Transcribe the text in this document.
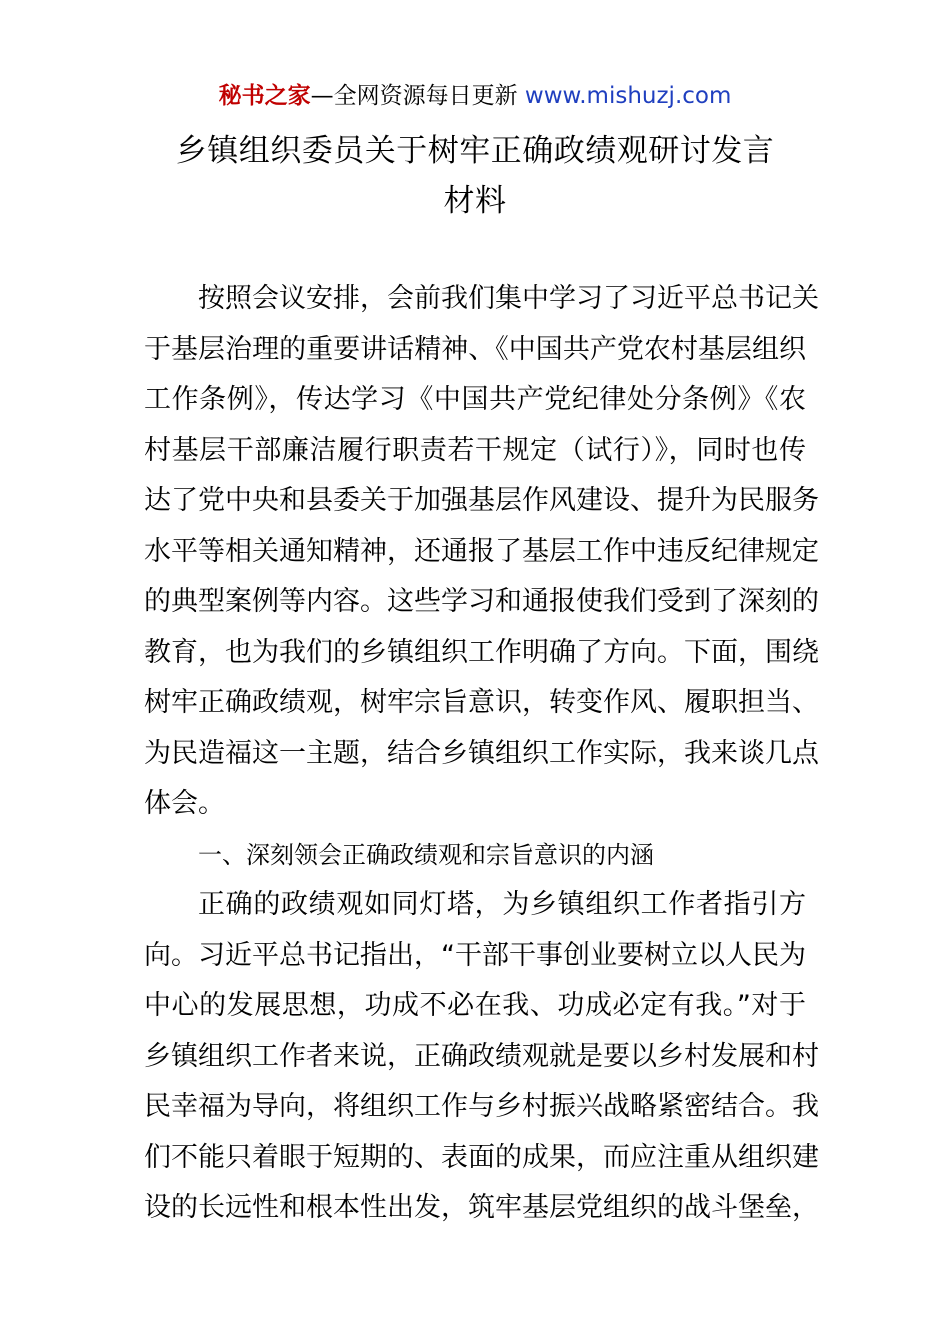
秘书之家—全网资源每日更新 www.mishuzj.com
乡镇组织委员关于树牢正确政绩观研讨发言
材料
按照会议安排，会前我们集中学习了习近平总书记关
于基层治理的重要讲话精神、《中国共产党农村基层组织
工作条例》，传达学习《中国共产党纪律处分条例》《农
村基层干部廉洁履行职责若干规定（试行）》，同时也传
达了党中央和县委关于加强基层作风建设、提升为民服务
水平等相关通知精神，还通报了基层工作中违反纪律规定
的典型案例等内容。这些学习和通报使我们受到了深刻的
教育，也为我们的乡镇组织工作明确了方向。下面，围绕
树牢正确政绩观，树牢宗旨意识，转变作风、履职担当、
为民造福这一主题，结合乡镇组织工作实际，我来谈几点
体会。
一、深刻领会正确政绩观和宗旨意识的内涵
正确的政绩观如同灯塔，为乡镇组织工作者指引方
向。习近平总书记指出，“干部干事创业要树立以人民为
中心的发展思想，功成不必在我、功成必定有我。”对于
乡镇组织工作者来说，正确政绩观就是要以乡村发展和村
民幸福为导向，将组织工作与乡村振兴战略紧密结合。我
们不能只着眼于短期的、表面的成果，而应注重从组织建
设的长远性和根本性出发，筑牢基层党组织的战斗堡垒，
